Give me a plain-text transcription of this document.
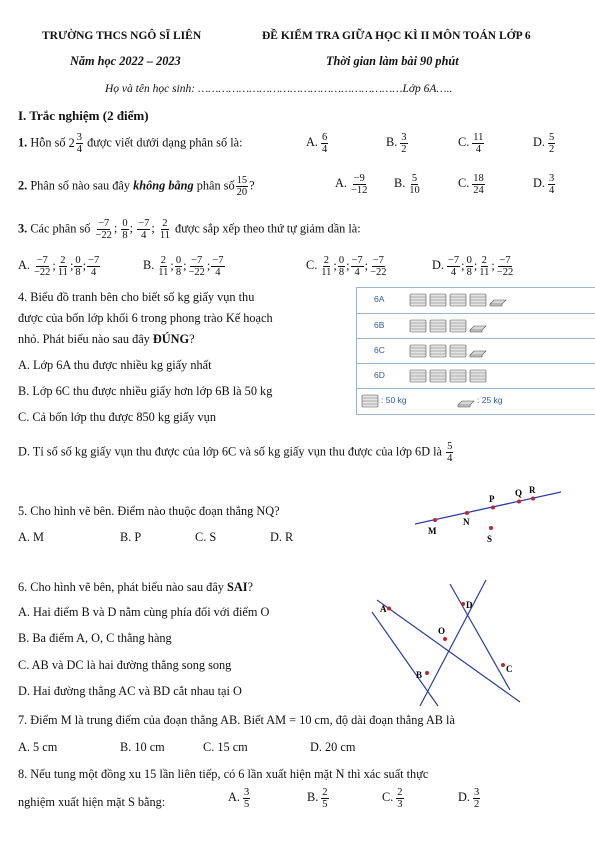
TRƯỜNG THCS NGÔ SĨ LIÊN	ĐỀ KIỂM TRA GIỮA HỌC KÌ II MÔN TOÁN LỚP 6
Năm học 2022 – 2023	Thời gian làm bài 90 phút
Họ và tên học sinh: ……………………………………………………Lớp 6A…..
I. Trắc nghiệm (2 điểm)
1. Hỗn số $2 \frac{3}{4}$ được viết dưới dạng phân số là:	A. $\frac{6}{4}$	B. $\frac{3}{2}$	C. $\frac{11}{4}$	D. $\frac{5}{2}$
2. Phân số nào sau đây không bằng phân số $\frac{15}{20}$ ?	A. $\frac{-9}{-12} B$. $\frac{5}{10}$	C. $\frac{18}{24}$	D. $\frac{3}{4}$
3. Các phân số $\frac{-7}{-22}$ ; $\frac{0}{8}$ ; $\frac{-7}{4}$ ; $\frac{2}{11}$ được sắp xếp theo thứ tự giảm dần là:
A. $\frac{-7}{-22}$ ; $\frac{2}{11}$ ; $\frac{0}{8}$ ; $\frac{-7}{4}$	B. $\frac{2}{11}$ ; $\frac{0}{8}$ ; $\frac{-7}{-22}$ ; $\frac{-7}{4}$	C. $\frac{2}{11}$ ; $\frac{0}{8}$ ; $\frac{-7}{4}$ ; $\frac{-7}{-22}$	D. $\frac{-7}{4}$ ; $\frac{0}{8}$ ; $\frac{2}{11}$ ; $\frac{-7}{-22}$
4. Biểu đồ tranh bên cho biết số kg giấy vụn thu
được của bốn lớp khối 6 trong phong trào Kế hoạch
nhỏ. Phát biểu nào sau đây ĐÚNG?
A. Lớp 6A thu được nhiều kg giấy nhất
B. Lớp 6C thu được nhiều giấy hơn lớp 6B là 50 kg
C. Cả bốn lớp thu được 850 kg giấy vụn
D. Tỉ số số kg giấy vụn thu được của lớp 6C và số kg giấy vụn thu được của lớp 6D là $\frac{5}{4}$
6A
6B
6C
6D
: 50 kg	: 25 kg
5. Cho hình vẽ bên. Điểm nào thuộc đoạn thẳng NQ?
A. M	B. P	C. S	D. R	M
N
P
Q R
S
6. Cho hình vẽ bên, phát biểu nào sau đây SAI?
A. Hai điểm B và D nằm cùng phía đối với điểm O
B. Ba điểm A, O, C thẳng hàng
C. AB và DC là hai đường thẳng song song
D. Hai đường thẳng AC và BD cắt nhau tại O
A
B
C
D
O
7. Điểm M là trung điểm của đoạn thẳng AB. Biết AM = 10 cm, độ dài đoạn thẳng AB là
A. 5 cm	B. 10 cm	C. 15 cm	D. 20 cm
8. Nếu tung một đồng xu 15 lần liên tiếp, có 6 lần xuất hiện mặt N thì xác suất thực
nghiệm xuất hiện mặt S bằng:	A. $\frac{3}{5}$	B. $\frac{2}{5}$	C. $\frac{2}{3}$	D. $\frac{3}{2}$
